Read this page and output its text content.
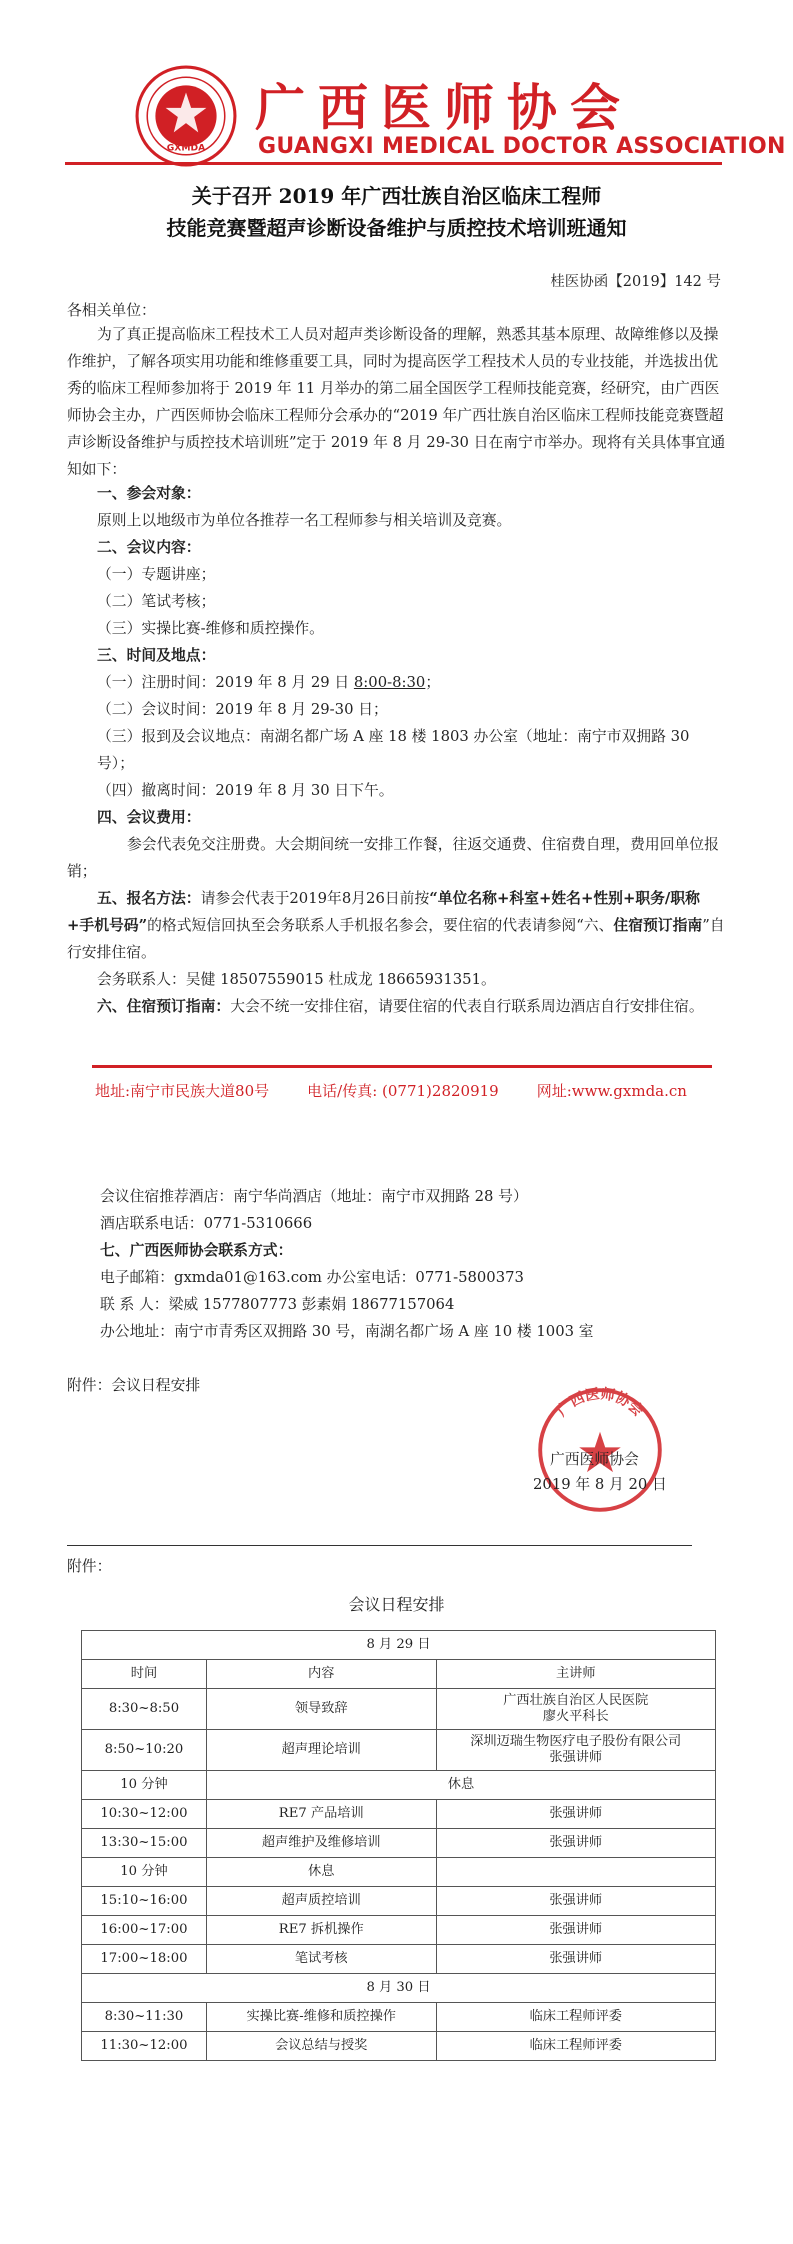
GXMDA
广西医师协会
GUANGXI MEDICAL DOCTOR ASSOCIATION
关于召开 2019 年广西壮族自治区临床工程师
技能竞赛暨超声诊断设备维护与质控技术培训班通知
桂医协函【2019】142 号
各相关单位：
为了真正提高临床工程技术工人员对超声类诊断设备的理解，熟悉其基本原理、故障维修以及操作维护，了解各项实用功能和维修重要工具，同时为提高医学工程技术人员的专业技能，并选拔出优秀的临床工程师参加将于 2019 年 11 月举办的第二届全国医学工程师技能竞赛，经研究，由广西医师协会主办，广西医师协会临床工程师分会承办的“2019 年广西壮族自治区临床工程师技能竞赛暨超声诊断设备维护与质控技术培训班”定于 2019 年 8 月 29-30 日在南宁市举办。现将有关具体事宜通知如下：
一、参会对象：
原则上以地级市为单位各推荐一名工程师参与相关培训及竞赛。
二、会议内容：
（一）专题讲座；
（二）笔试考核；
（三）实操比赛-维修和质控操作。
三、时间及地点：
（一）注册时间：2019 年 8 月 29 日 8:00-8:30；
（二）会议时间：2019 年 8 月 29-30 日；
（三）报到及会议地点：南湖名都广场 A 座 18 楼 1803 办公室（地址：南宁市双拥路 30 号）；
（四）撤离时间：2019 年 8 月 30 日下午。
四、会议费用：
参会代表免交注册费。大会期间统一安排工作餐，往返交通费、住宿费自理，费用回单位报销；
五、报名方法：请参会代表于2019年8月26日前按“单位名称+科室+姓名+性别+职务/职称+手机号码”的格式短信回执至会务联系人手机报名参会，要住宿的代表请参阅“六、住宿预订指南”自行安排住宿。
会务联系人：吴健 18507559015 杜成龙 18665931351。
六、住宿预订指南：大会不统一安排住宿，请要住宿的代表自行联系周边酒店自行安排住宿。
地址:南宁市民族大道80号	电话/传真: (0771)2820919	网址:www.gxmda.cn
会议住宿推荐酒店：南宁华尚酒店（地址：南宁市双拥路 28 号）
酒店联系电话：0771-5310666
七、广西医师协会联系方式：
电子邮箱：gxmda01@163.com 办公室电话：0771-5800373
联 系 人：梁威 1577807773 彭素娟 18677157064
办公地址：南宁市青秀区双拥路 30 号，南湖名都广场 A 座 10 楼 1003 室
附件：会议日程安排
广西医师协会
广西医师协会
2019 年 8 月 20 日
附件：
会议日程安排
8 月 29 日		
时间	内容	主讲师
8:30~8:50	领导致辞	广西壮族自治区人民医院
廖火平科长

8:50~10:20	超声理论培训	深圳迈瑞生物医疗电子股份有限公司
张强讲师

10 分钟	休息	
10:30~12:00	RE7 产品培训	张强讲师
13:30~15:00	超声维护及维修培训	张强讲师
10 分钟	休息	
15:10~16:00	超声质控培训	张强讲师
16:00~17:00	RE7 拆机操作	张强讲师
17:00~18:00	笔试考核	张强讲师
8 月 30 日		
8:30~11:30	实操比赛-维修和质控操作	临床工程师评委
11:30~12:00	会议总结与授奖	临床工程师评委
